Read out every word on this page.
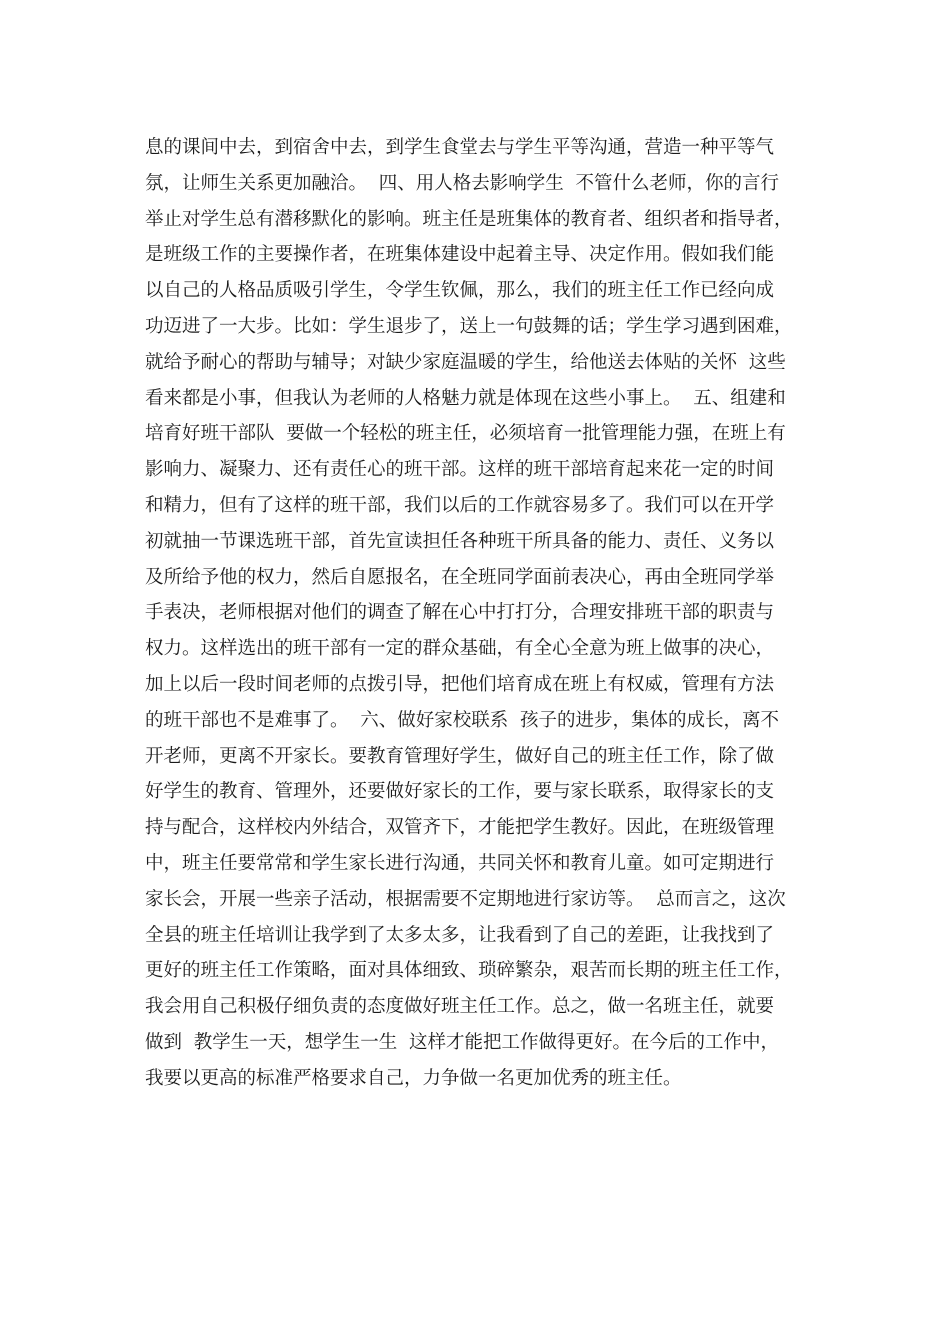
息的课间中去，到宿舍中去，到学生食堂去与学生平等沟通，营造一种平等气
氛，让师生关系更加融洽。  四、用人格去影响学生  不管什么老师，你的言行
举止对学生总有潜移默化的影响。班主任是班集体的教育者、组织者和指导者，
是班级工作的主要操作者，在班集体建设中起着主导、决定作用。假如我们能
以自己的人格品质吸引学生，令学生钦佩，那么，我们的班主任工作已经向成
功迈进了一大步。比如：学生退步了，送上一句鼓舞的话；学生学习遇到困难，
就给予耐心的帮助与辅导；对缺少家庭温暖的学生，给他送去体贴的关怀  这些
看来都是小事，但我认为老师的人格魅力就是体现在这些小事上。  五、组建和
培育好班干部队  要做一个轻松的班主任，必须培育一批管理能力强，在班上有
影响力、凝聚力、还有责任心的班干部。这样的班干部培育起来花一定的时间
和精力，但有了这样的班干部，我们以后的工作就容易多了。我们可以在开学
初就抽一节课选班干部，首先宣读担任各种班干所具备的能力、责任、义务以
及所给予他的权力，然后自愿报名，在全班同学面前表决心，再由全班同学举
手表决，老师根据对他们的调查了解在心中打打分，合理安排班干部的职责与
权力。这样选出的班干部有一定的群众基础，有全心全意为班上做事的决心，
加上以后一段时间老师的点拨引导，把他们培育成在班上有权威，管理有方法
的班干部也不是难事了。  六、做好家校联系  孩子的进步，集体的成长，离不
开老师，更离不开家长。要教育管理好学生，做好自己的班主任工作，除了做
好学生的教育、管理外，还要做好家长的工作，要与家长联系，取得家长的支
持与配合，这样校内外结合，双管齐下，才能把学生教好。因此，在班级管理
中，班主任要常常和学生家长进行沟通，共同关怀和教育儿童。如可定期进行
家长会，开展一些亲子活动，根据需要不定期地进行家访等。  总而言之，这次
全县的班主任培训让我学到了太多太多，让我看到了自己的差距，让我找到了
更好的班主任工作策略，面对具体细致、琐碎繁杂，艰苦而长期的班主任工作，
我会用自己积极仔细负责的态度做好班主任工作。总之，做一名班主任，就要
做到  教学生一天，想学生一生  这样才能把工作做得更好。在今后的工作中，
我要以更高的标准严格要求自己，力争做一名更加优秀的班主任。
